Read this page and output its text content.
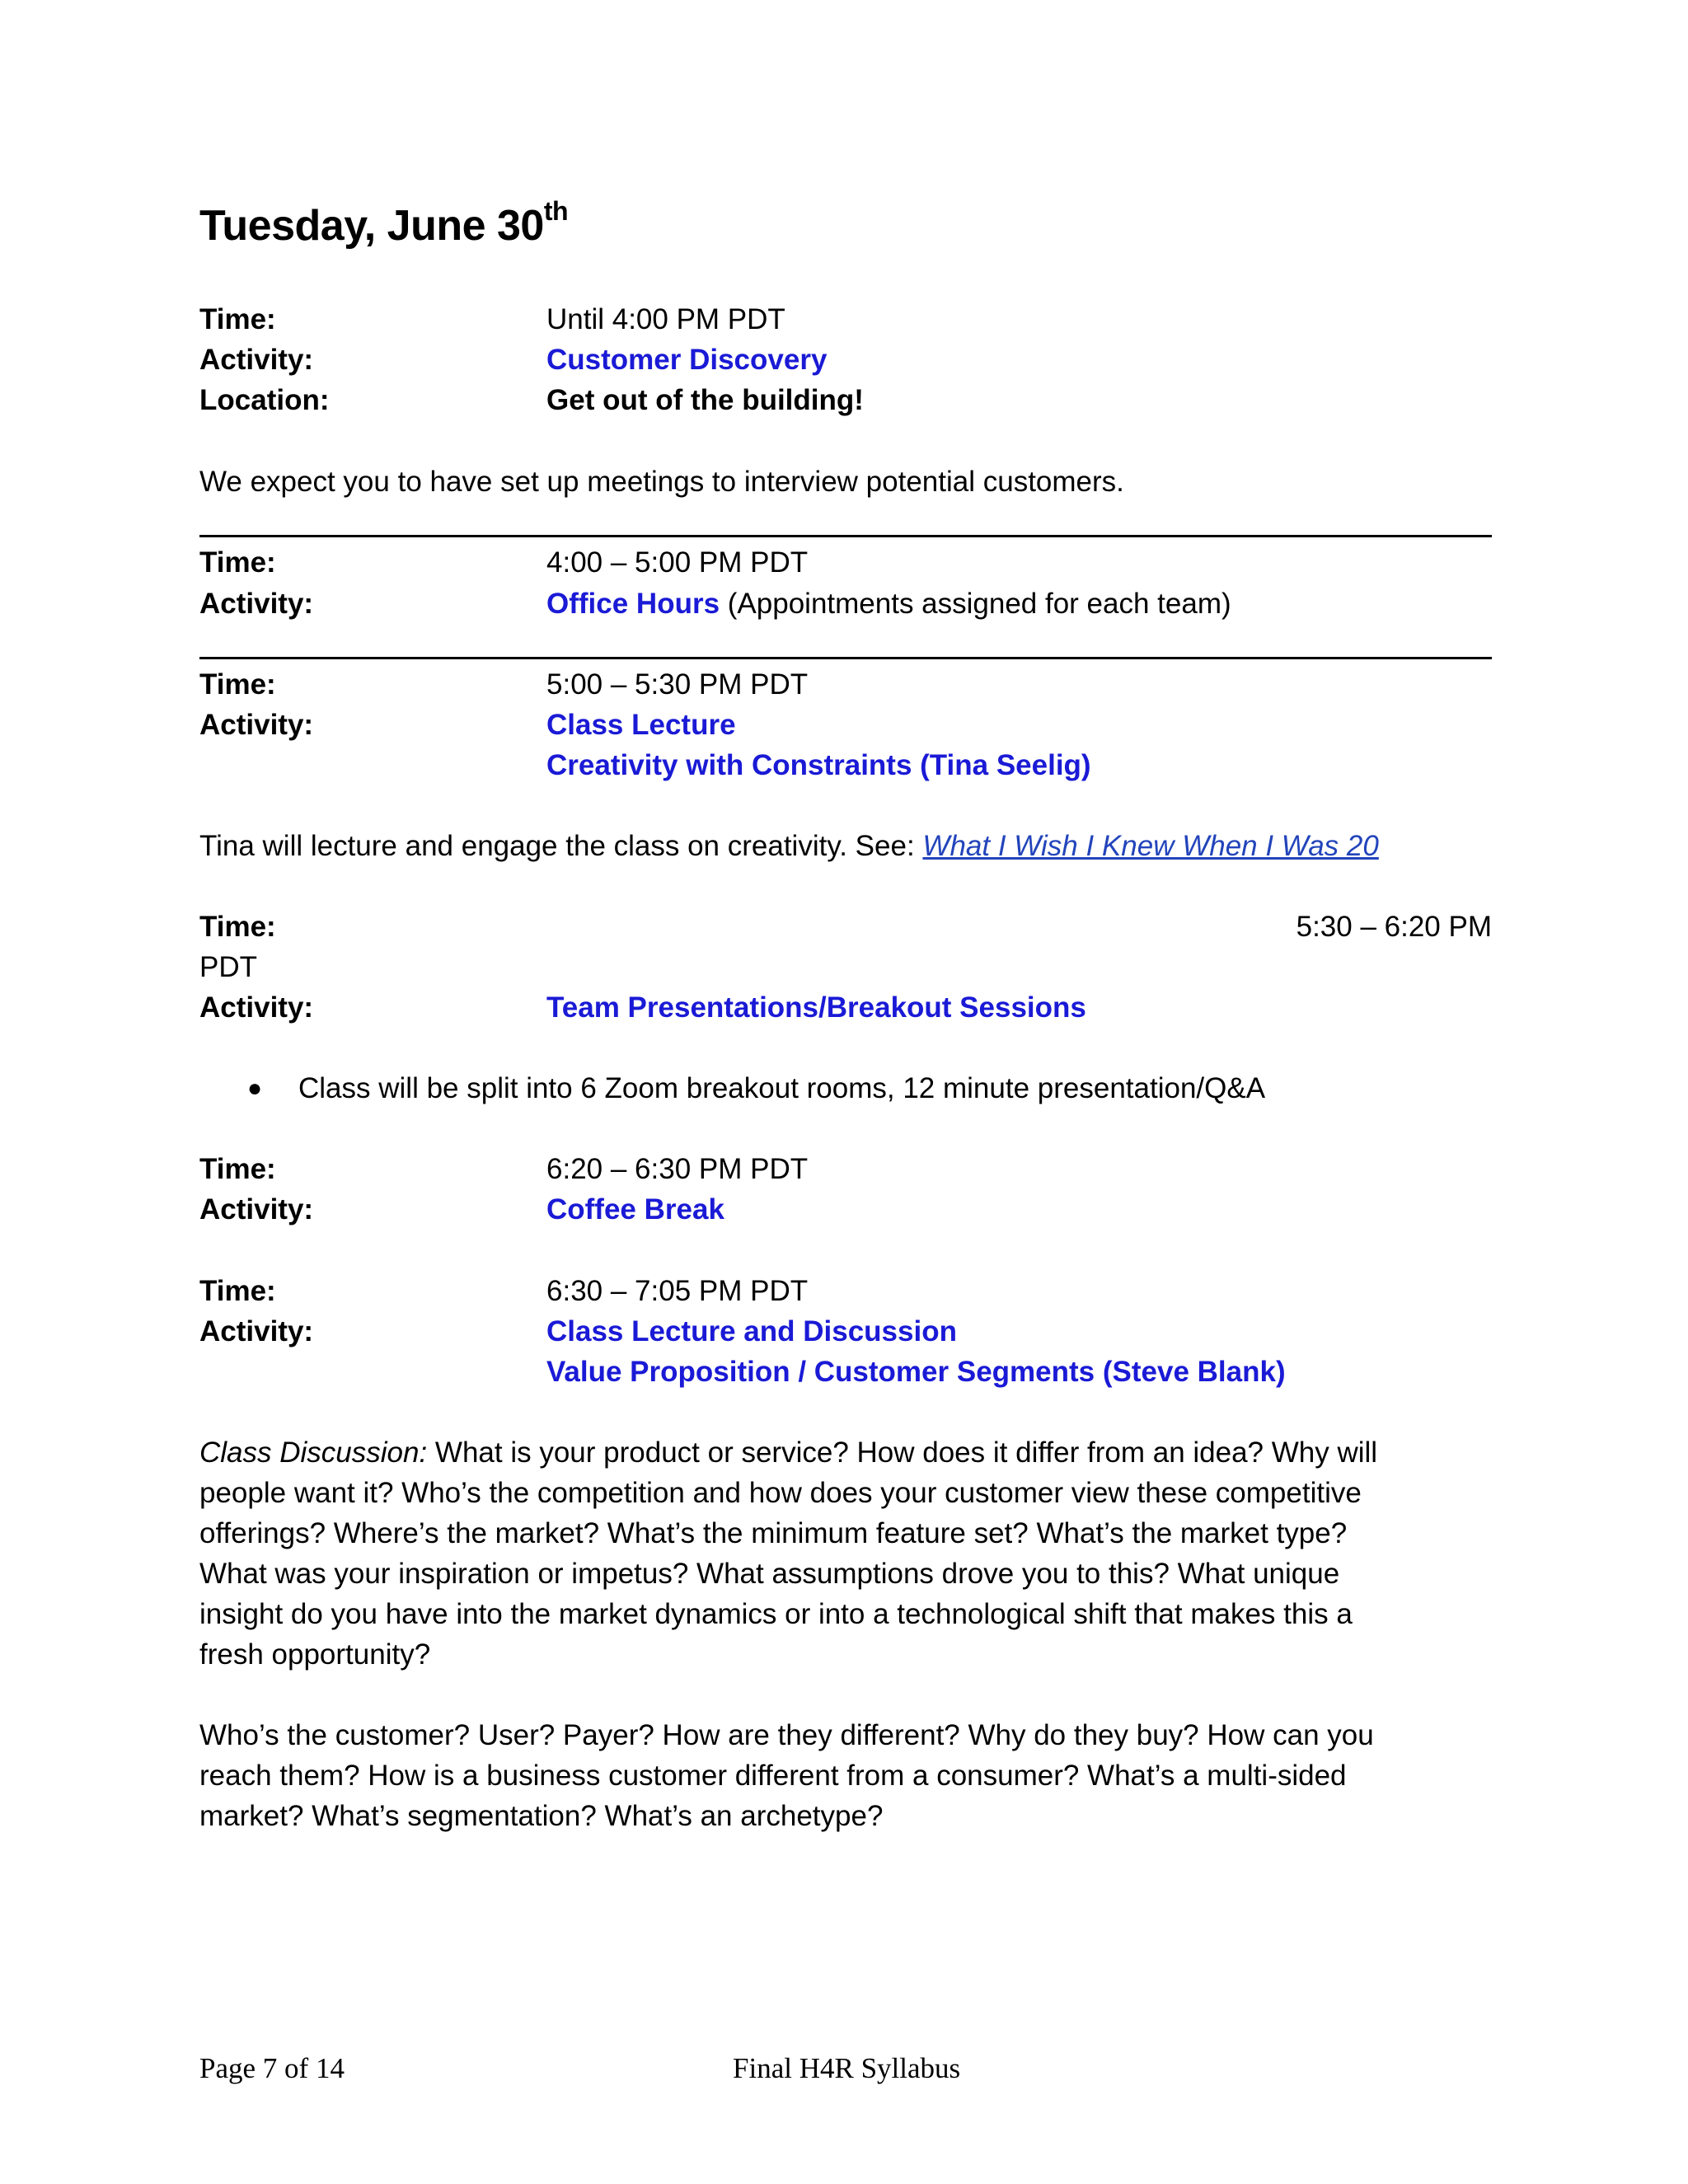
Tuesday, June 30th
Time:	Until 4:00 PM PDT
Activity:	Customer Discovery
Location:	Get out of the building!
We expect you to have set up meetings to interview potential customers.
Time:	4:00 – 5:00 PM PDT
Activity:	Office Hours (Appointments assigned for each team)
Time:	5:00 – 5:30 PM PDT
Activity:	Class Lecture
Creativity with Constraints (Tina Seelig)
Tina will lecture and engage the class on creativity. See: What I Wish I Knew When I Was 20
Time:	5:30 – 6:20 PM
PDT
Activity:	Team Presentations/Breakout Sessions
● Class will be split into 6 Zoom breakout rooms, 12 minute presentation/Q&A
Time:	6:20 – 6:30 PM PDT
Activity:	Coffee Break
Time:	6:30 – 7:05 PM PDT
Activity:	Class Lecture and Discussion
Value Proposition / Customer Segments (Steve Blank)
Class Discussion: What is your product or service? How does it differ from an idea? Why will
people want it? Who’s the competition and how does your customer view these competitive
offerings? Where’s the market? What’s the minimum feature set? What’s the market type?
What was your inspiration or impetus? What assumptions drove you to this? What unique
insight do you have into the market dynamics or into a technological shift that makes this a
fresh opportunity?
Who’s the customer? User? Payer? How are they different? Why do they buy? How can you
reach them? How is a business customer different from a consumer? What’s a multi-sided
market? What’s segmentation? What’s an archetype?
Page 7 of 14	Final H4R Syllabus
